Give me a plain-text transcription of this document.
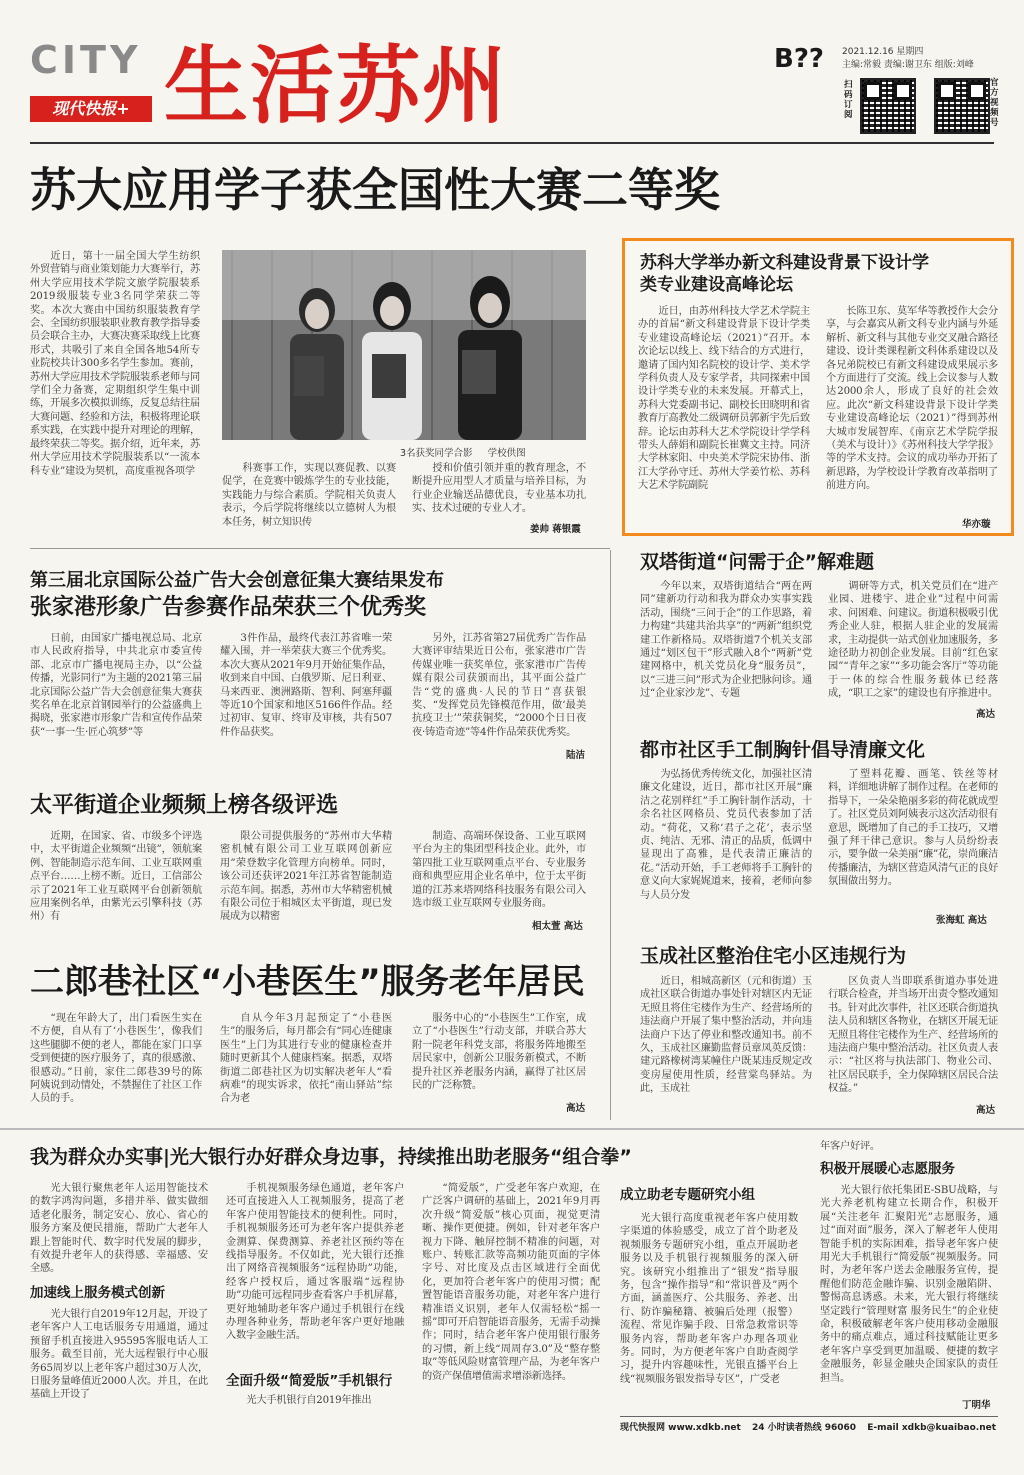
CITY
现代快报+ 生活苏州	B?? 2021.12.16 星期四
主编:常毅 责编:谢卫东 组版:刘峰
扫码订阅
官方视频号
苏大应用学子获全国性大赛二等奖

近日，第十一届全国大学生纺织外贸营销与商业策划能力大赛举行，苏州大学应用技术学院文旅学院服装系2019级服装专业3名同学荣获二等奖。本次大赛由中国纺织服装教育学会、全国纺织服装职业教育教学指导委员会联合主办，大赛决赛采取线上比赛形式，共吸引了来自全国各地54所专业院校共计300多名学生参加。赛前，苏州大学应用技术学院服装系老师与同学们全力备赛，定期组织学生集中训练，开展多次模拟训练，反复总结往届大赛问题、经验和方法，积极将理论联系实践，在实践中提升对理论的理解，最终荣获二等奖。据介绍，近年来，苏州大学应用技术学院服装系以“一流本科专业”建设为契机，高度重视各项学

3名获奖同学合影 学校供图

科赛事工作，实现以赛促教、以赛促学，在竞赛中锻炼学生的专业技能，实践能力与综合素质。学院相关负责人表示，今后学院将继续以立德树人为根本任务，树立知识传

授和价值引领并重的教育理念，不断提升应用型人才质量与培养目标，为行业企业输送品德优良，专业基本功扎实、技术过硬的专业人才。

姜帅 蒋银霞
苏科大学举办新文科建设背景下设计学类专业建设高峰论坛

近日，由苏州科技大学艺术学院主办的首届“新文科建设背景下设计学类专业建设高峰论坛（2021）”召开。本次论坛以线上、线下结合的方式进行，邀请了国内知名院校的设计学、美术学学科负责人及专家学者，共同探索中国设计学类专业的未来发展。开幕式上，苏科大党委副书记、副校长田晓明和省教育厅高教处二级调研员郭新宇先后致辞。论坛由苏科大艺术学院设计学学科带头人薛娟和副院长崔冀文主持。同济大学林家阳、中央美术学院宋协伟、浙江大学孙守迁、苏州大学姜竹松、苏科大艺术学院副院

长陈卫东、莫军华等教授作大会分享，与会嘉宾从新文科专业内涵与外延解析、新文科与其他专业交叉融合路径建设、设计类课程新文科体系建设以及各兄弟院校已有新文科建设成果展示多个方面进行了交流。线上会议参与人数达2000余人，形成了良好的社会效应。此次“新文科建设背景下设计学类专业建设高峰论坛（2021）”得到苏州大城市发展智库、《南京艺术学院学报（美术与设计）》《苏州科技大学学报》等的学术支持。会议的成功举办开拓了新思路，为学校设计学教育改革指明了前进方向。

华亦璇
第三届北京国际公益广告大会创意征集大赛结果发布
张家港形象广告参赛作品荣获三个优秀奖

日前，由国家广播电视总局、北京市人民政府指导，中共北京市委宣传部、北京市广播电视局主办，以“公益传播，光影同行”为主题的2021第三届北京国际公益广告大会创意征集大赛获奖名单在北京首钢园举行的公益盛典上揭晓，张家港市形象广告和宣传作品荣获“一事一生·匠心筑梦”等

3件作品，最终代表江苏省唯一荣耀入围，并一举荣获大赛三个优秀奖。本次大赛从2021年9月开始征集作品，收到来自中国、白俄罗斯、尼日利亚、马来西亚、澳洲路斯、智利、阿塞拜疆等近10个国家和地区5166件作品。经过初审、复审、终审及审核，共有507件作品获奖。

另外，江苏省第27届优秀广告作品大赛评审结果近日公布，张家港市广告传媒业唯一获奖单位，张家港市广告传媒有限公司获颁而出，其平面公益广告“党的盛典·人民的节日”喜获银奖、“发挥党员先锋模范作用，做‘最美抗疫卫士’”荣获铜奖，“2000个日日夜夜·铸造奇迹”等4件作品荣获优秀奖。

陆洁
双塔街道“问需于企”解难题

今年以来，双塔街道结合“两在两同”建新功行动和我为群众办实事实践活动，围绕“三问于企”的工作思路，着力构建“共建共治共享”的“两新”组织党建工作新格局。双塔街道7个机关支部通过“划区包干”形式融入8个“两新”党建网格中，机关党员化身“服务员”，以“三进三问”形式为企业把脉问诊。通过“企业家沙龙”、专题

调研等方式，机关党员们在“进产业园、进楼宇、进企业”过程中问需求、问困难、问建议。街道积极吸引优秀企业人驻，根据人驻企业的发展需求，主动提供一站式创业加速服务，多途径助力初创企业发展。目前“红色家园”“青年之家”“多功能会客厅”等功能于一体的综合性服务载体已经落成，“职工之家”的建设也有序推进中。

高达
太平街道企业频频上榜各级评选

近期，在国家、省、市级多个评选中，太平街道企业频频“出镜”，领航案例、智能制造示范车间、工业互联网重点平台……上榜不断。近日，工信部公示了2021年工业互联网平台创新领航应用案例名单，由紫光云引擎科技（苏州）有

限公司提供服务的“苏州市大华精密机械有限公司工业互联网创新应用”荣登数字化管理方向榜单。同时，该公司还获评2021年江苏省智能制造示范车间。据悉，苏州市大华精密机械有限公司位于相城区太平街道，现已发展成为以精密

制造、高端环保设备、工业互联网平台为主的集团型科技企业。此外，市第四批工业互联网重点平台、专业服务商和典型应用企业名单中，位于太平街道的江苏来塔网络科技服务有限公司入选市级工业互联网专业服务商。

相太萱 高达
都市社区手工制胸针倡导清廉文化

为弘扬优秀传统文化，加强社区清廉文化建设，近日，都市社区开展“廉洁之花别样红”手工胸针制作活动，十余名社区网格员、党员代表参加了活动。“荷花，又称‘君子之花’，表示坚贞、纯洁、无邪、清正的品质，低调中显现出了高雅，是代表清正廉洁的花。”活动开始，手工老师将手工胸针的意义向大家娓娓道来，接着，老师向参与人员分发

了塑料花瓣、画笔、铁丝等材料，详细地讲解了制作过程。在老师的指导下，一朵朵艳丽多彩的荷花就成型了。社区党员刘阿姨表示这次活动很有意思，既增加了自己的手工技巧，又增强了拜干律己意识。参与人员纷纷表示，要争做一朵美丽“廉”花，崇尚廉洁传播廉洁，为辖区营造风清气正的良好氛围做出努力。

张海虹 高达
玉成社区整治住宅小区违规行为

近日，相城高新区（元和街道）玉成社区联合街道办事处针对辖区内无证无照且将住宅楼作为生产、经营场所的违法商户开展了集中整治活动，并向违法商户下达了停业和整改通知书。前不久，玉成社区廉勤监督员章凤英反馈：建元路橡树湾某幢住户既某违反规定改变房屋使用性质，经营棠鸟驿站。为此，玉成社

区负责人当即联系街道办事处进行联合检查，并当场开出责令整改通知书。针对此次事件，社区还联合街道执法人员和辖区各物业，在辖区开展无证无照且将住宅楼作为生产、经营场所的违法商户集中整治活动。社区负责人表示：“社区将与执法部门、物业公司、社区居民联手，全力保障辖区居民合法权益。”

高达
二郎巷社区“小巷医生”服务老年居民

“现在年龄大了，出门看医生实在不方便，自从有了‘小巷医生’，像我们这些腿脚不便的老人，都能在家门口享受到便捷的医疗服务了，真的很感激、很感动。”日前，家住二郎巷39号的陈阿姨说到动情处，不禁握住了社区工作人员的手。

自从今年3月起预定了“小巷医生”的服务后，每月都会有“同心连健康医生”上门为其进行专业的健康检查并随时更新其个人健康档案。据悉，双塔街道二郎巷社区为切实解决老年人“看病难”的现实诉求，依托“南山驿站”综合为老

服务中心的“小巷医生”工作室，成立了“小巷医生”行动支部，并联合苏大附一院老年科党支部，将服务阵地搬至居民家中，创新公卫服务新模式，不断提升社区养老服务内涵，赢得了社区居民的广泛称赞。

高达
我为群众办实事|光大银行办好群众身边事，持续推出助老服务“组合拳”

光大银行聚焦老年人运用智能技术的数字鸿沟问题，多措并举、做实做细适老化服务，制定安心、放心、省心的服务方案及便民措施，帮助广大老年人跟上智能时代、数字时代发展的脚步，有效提升老年人的获得感、幸福感、安全感。

加速线上服务模式创新

光大银行自2019年12月起，开设了老年客户人工电话服务专用通道，通过预留手机直接进入95595客服电话人工服务。截至目前，光大远程银行中心服务65周岁以上老年客户超过30万人次，日服务量峰值近2000人次。并且，在此基础上开设了

手机视频服务绿色通道，老年客户还可直接进入人工视频服务，提高了老年客户使用智能技术的便利性。同时，手机视频服务还可为老年客户提供养老金测算、保费测算、养老社区预约等在线指导服务。不仅如此，光大银行还推出了网络音视频服务“远程协助”功能，经客户授权后，通过客服端“远程协助”功能可远程同步查看客户手机屏幕，更好地辅助老年客户通过手机银行在线办理各种业务，帮助老年客户更好地融入数字金融生活。

全面升级“简爱版”手机银行

光大手机银行自2019年推出

“简爱版”，广受老年客户欢迎，在广泛客户调研的基础上，2021年9月再次升级“简爱版”核心页面，视觉更清晰、操作更便捷。例如，针对老年客户视力下降、触屏控制不精准的问题，对账户、转账汇款等高频功能页面的字体字号、对比度及点击区域进行全面优化，更加符合老年客户的使用习惯；配置智能语音服务功能，对老年客户进行精准语义识别，老年人仅需轻松“摇一摇”即可开启智能语音服务，无需手动操作；同时，结合老年客户使用银行服务的习惯，新上线“周周存3.0”及“整存整取”等低风险财富管理产品，为老年客户的资产保值增值需求增添新选择。

成立助老专题研究小组

光大银行高度重视老年客户使用数字渠道的体验感受，成立了首个助老及视频服务专题研究小组，重点开展助老服务以及手机银行视频服务的深入研究。该研究小组推出了“银发”指导服务，包含“操作指导”和“常识普及”两个方面，涵盖医疗、公共服务、养老、出行、防诈骗秘籍、被骗后处理（报警）流程、常见诈骗手段、日常急救常识等服务内容，帮助老年客户办理各项业务。同时，为方便老年客户自助查阅学习，提升内容趣味性，光银直播平台上线“视频服务银发指导专区”，广受老

年客户好评。

积极开展暖心志愿服务

光大银行依托集团E-SBU战略，与光大养老机构建立长期合作，积极开展“关注老年 汇聚阳光”志愿服务，通过“面对面”服务，深入了解老年人使用智能手机的实际困难，指导老年客户使用光大手机银行“简爱版”视频服务。同时，为老年客户送去金融服务宣传，提醒他们防范金融诈骗、识别金融陷阱、警惕高息诱惑。未来，光大银行将继续坚定践行“管理财富 服务民生”的企业使命，积极破解老年客户使用移动金融服务中的痛点难点，通过科技赋能让更多老年客户享受到更加温暖、便捷的数字金融服务，彰显金融央企国家队的责任担当。

丁明华
现代快报网 www.xdkb.net 24 小时读者热线 96060 E-mail xdkb@kuaibao.net
